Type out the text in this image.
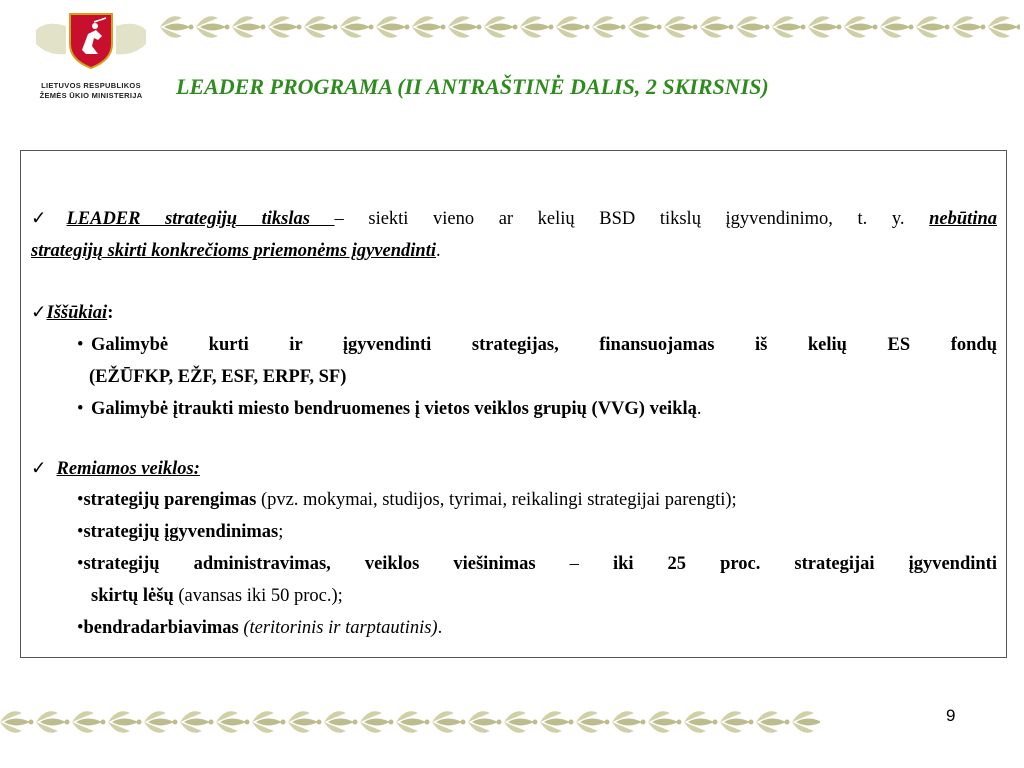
LIETUVOS RESPUBLIKOS
ŽEMĖS ŪKIO MINISTERIJA	LEADER PROGRAMA (II ANTRAŠTINĖ DALIS, 2 SKIRSNIS)
✓LEADER strategijų tikslas – siekti vieno ar kelių BSD tikslų įgyvendinimo, t. y. nebūtina
strategijų skirti konkrečioms priemonėms įgyvendinti.
✓Iššūkiai:
• Galimybė kurti ir įgyvendinti strategijas, finansuojamas iš kelių ES fondų
(EŽŪFKP, EŽF, ESF, ERPF, SF)
• Galimybė įtraukti miesto bendruomenes į vietos veiklos grupių (VVG) veiklą.
✓ Remiamos veiklos:
•strategijų parengimas (pvz. mokymai, studijos, tyrimai, reikalingi strategijai parengti);
•strategijų įgyvendinimas;
•strategijų administravimas, veiklos viešinimas – iki 25 proc. strategijai įgyvendinti
skirtų lėšų (avansas iki 50 proc.);
•bendradarbiavimas (teritorinis ir tarptautinis).
9
